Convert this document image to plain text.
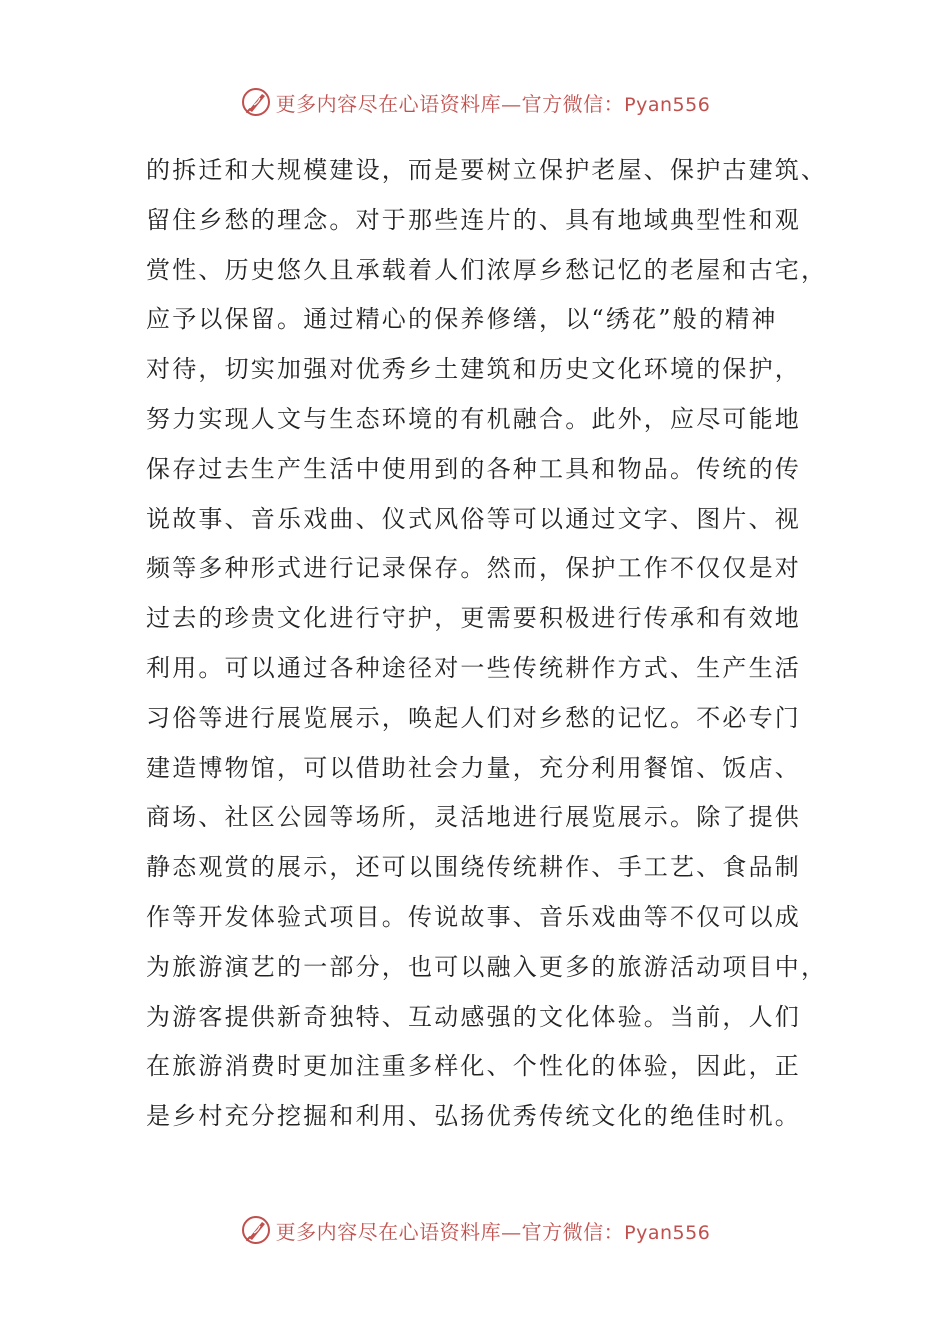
更多内容尽在心语资料库—官方微信：Pyan556
的拆迁和大规模建设，而是要树立保护老屋、保护古建筑、
留住乡愁的理念。对于那些连片的、具有地域典型性和观
赏性、历史悠久且承载着人们浓厚乡愁记忆的老屋和古宅，
应予以保留。通过精心的保养修缮，以“绣花”般的精神
对待，切实加强对优秀乡土建筑和历史文化环境的保护，
努力实现人文与生态环境的有机融合。此外，应尽可能地
保存过去生产生活中使用到的各种工具和物品。传统的传
说故事、音乐戏曲、仪式风俗等可以通过文字、图片、视
频等多种形式进行记录保存。然而，保护工作不仅仅是对
过去的珍贵文化进行守护，更需要积极进行传承和有效地
利用。可以通过各种途径对一些传统耕作方式、生产生活
习俗等进行展览展示，唤起人们对乡愁的记忆。不必专门
建造博物馆，可以借助社会力量，充分利用餐馆、饭店、
商场、社区公园等场所，灵活地进行展览展示。除了提供
静态观赏的展示，还可以围绕传统耕作、手工艺、食品制
作等开发体验式项目。传说故事、音乐戏曲等不仅可以成
为旅游演艺的一部分，也可以融入更多的旅游活动项目中，
为游客提供新奇独特、互动感强的文化体验。当前，人们
在旅游消费时更加注重多样化、个性化的体验，因此，正
是乡村充分挖掘和利用、弘扬优秀传统文化的绝佳时机。
更多内容尽在心语资料库—官方微信：Pyan556
